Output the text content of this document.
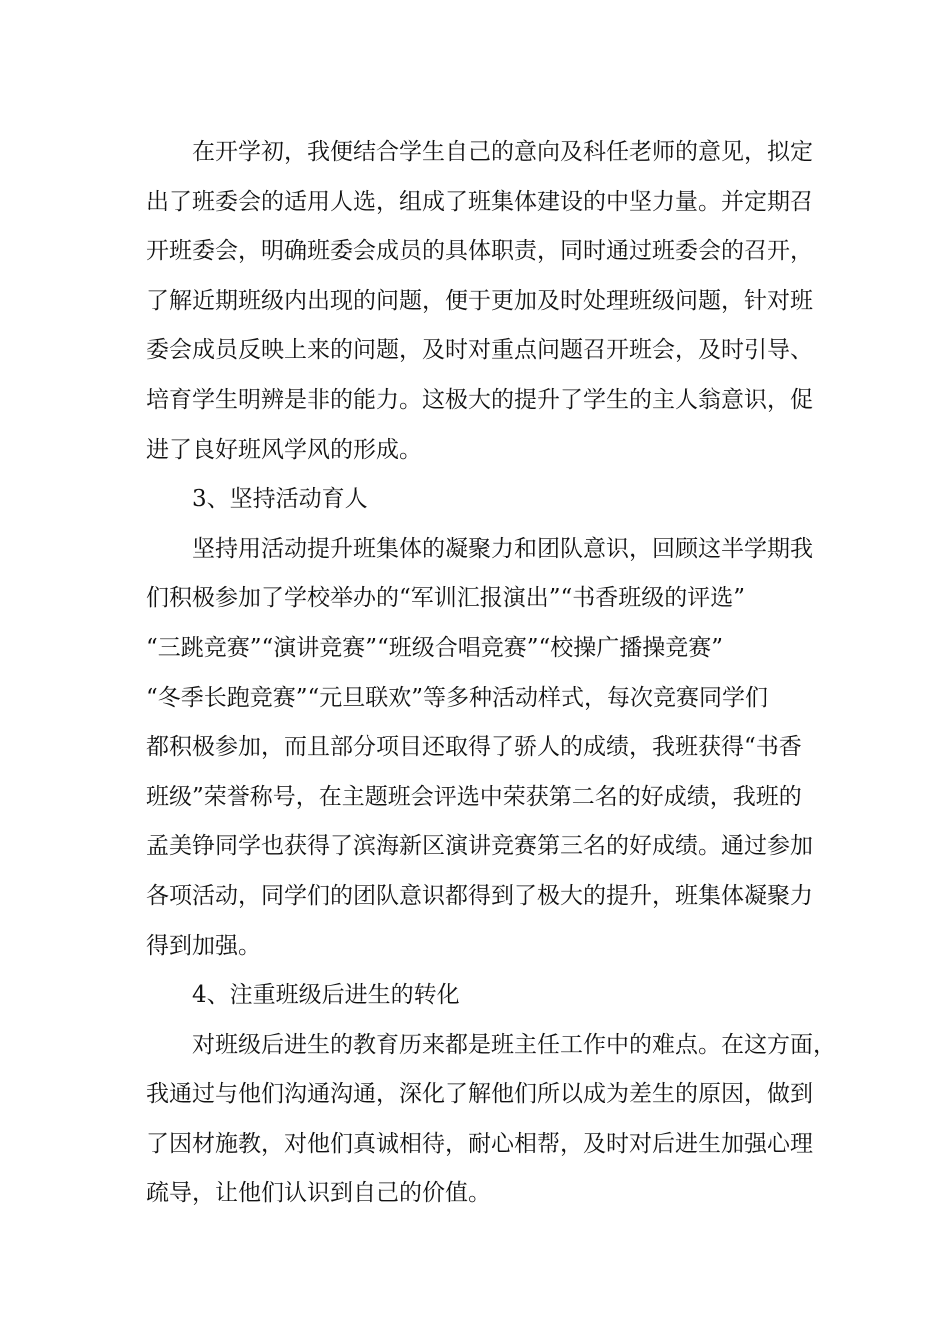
在开学初，我便结合学生自己的意向及科任老师的意见，拟定
出了班委会的适用人选，组成了班集体建设的中坚力量。并定期召
开班委会，明确班委会成员的具体职责，同时通过班委会的召开，
了解近期班级内出现的问题，便于更加及时处理班级问题，针对班
委会成员反映上来的问题，及时对重点问题召开班会，及时引导、
培育学生明辨是非的能力。这极大的提升了学生的主人翁意识，促
进了良好班风学风的形成。
3、坚持活动育人
坚持用活动提升班集体的凝聚力和团队意识，回顾这半学期我
们积极参加了学校举办的“军训汇报演出”“书香班级的评选”
“三跳竞赛”“演讲竞赛”“班级合唱竞赛”“校操广播操竞赛”
“冬季长跑竞赛”“元旦联欢”等多种活动样式，每次竞赛同学们
都积极参加，而且部分项目还取得了骄人的成绩，我班获得“书香
班级”荣誉称号，在主题班会评选中荣获第二名的好成绩，我班的
孟美铮同学也获得了滨海新区演讲竞赛第三名的好成绩。通过参加
各项活动，同学们的团队意识都得到了极大的提升，班集体凝聚力
得到加强。
4、注重班级后进生的转化
对班级后进生的教育历来都是班主任工作中的难点。在这方面，
我通过与他们沟通沟通，深化了解他们所以成为差生的原因，做到
了因材施教，对他们真诚相待，耐心相帮，及时对后进生加强心理
疏导，让他们认识到自己的价值。
